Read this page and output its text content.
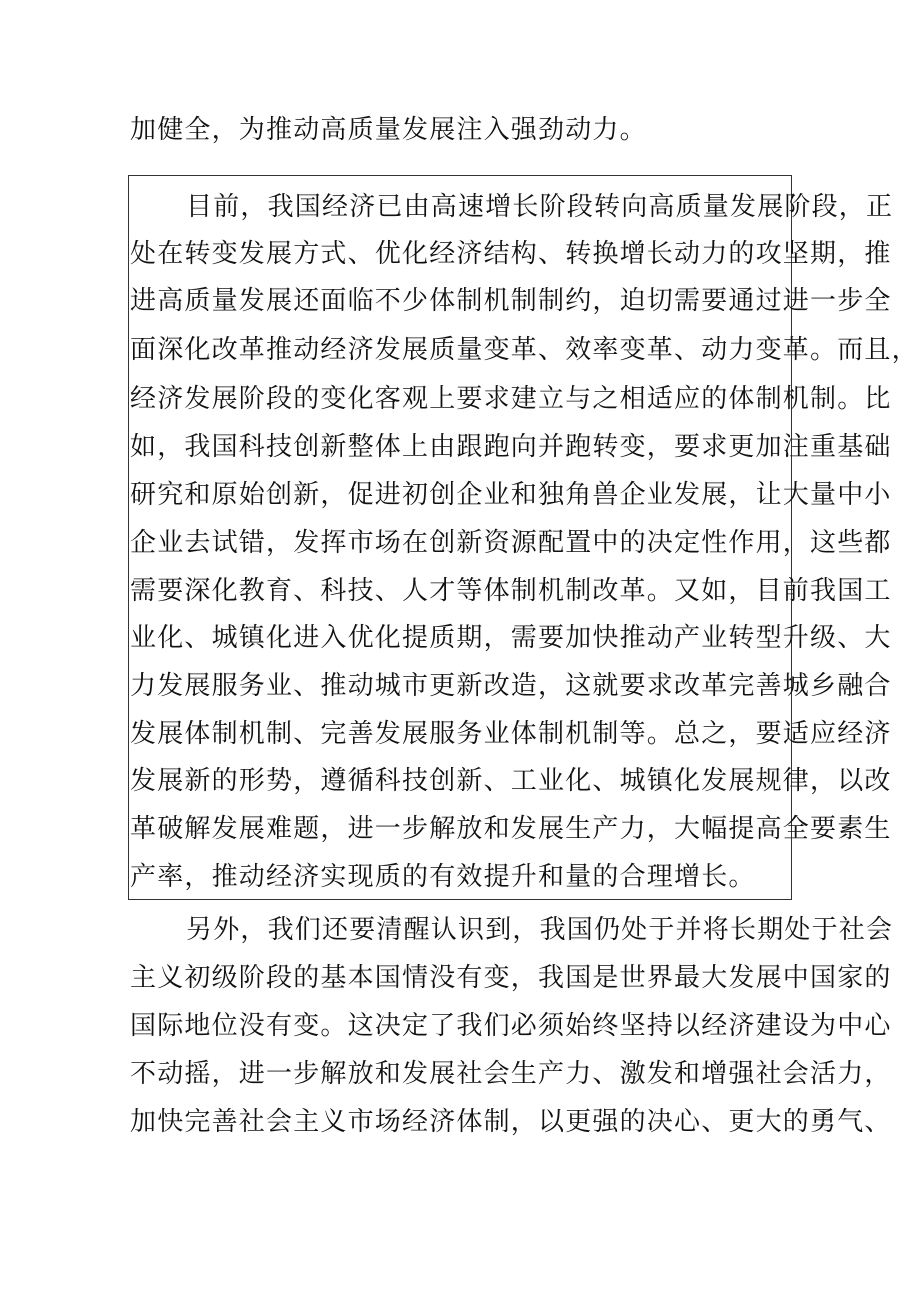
加健全，为推动高质量发展注入强劲动力。
目前，我国经济已由高速增长阶段转向高质量发展阶段，正
处在转变发展方式、优化经济结构、转换增长动力的攻坚期，推
进高质量发展还面临不少体制机制制约，迫切需要通过进一步全
面深化改革推动经济发展质量变革、效率变革、动力变革。而且，
经济发展阶段的变化客观上要求建立与之相适应的体制机制。比
如，我国科技创新整体上由跟跑向并跑转变，要求更加注重基础
研究和原始创新，促进初创企业和独角兽企业发展，让大量中小
企业去试错，发挥市场在创新资源配置中的决定性作用，这些都
需要深化教育、科技、人才等体制机制改革。又如，目前我国工
业化、城镇化进入优化提质期，需要加快推动产业转型升级、大
力发展服务业、推动城市更新改造，这就要求改革完善城乡融合
发展体制机制、完善发展服务业体制机制等。总之，要适应经济
发展新的形势，遵循科技创新、工业化、城镇化发展规律，以改
革破解发展难题，进一步解放和发展生产力，大幅提高全要素生
产率，推动经济实现质的有效提升和量的合理增长。
另外，我们还要清醒认识到，我国仍处于并将长期处于社会
主义初级阶段的基本国情没有变，我国是世界最大发展中国家的
国际地位没有变。这决定了我们必须始终坚持以经济建设为中心
不动摇，进一步解放和发展社会生产力、激发和增强社会活力，
加快完善社会主义市场经济体制，以更强的决心、更大的勇气、
